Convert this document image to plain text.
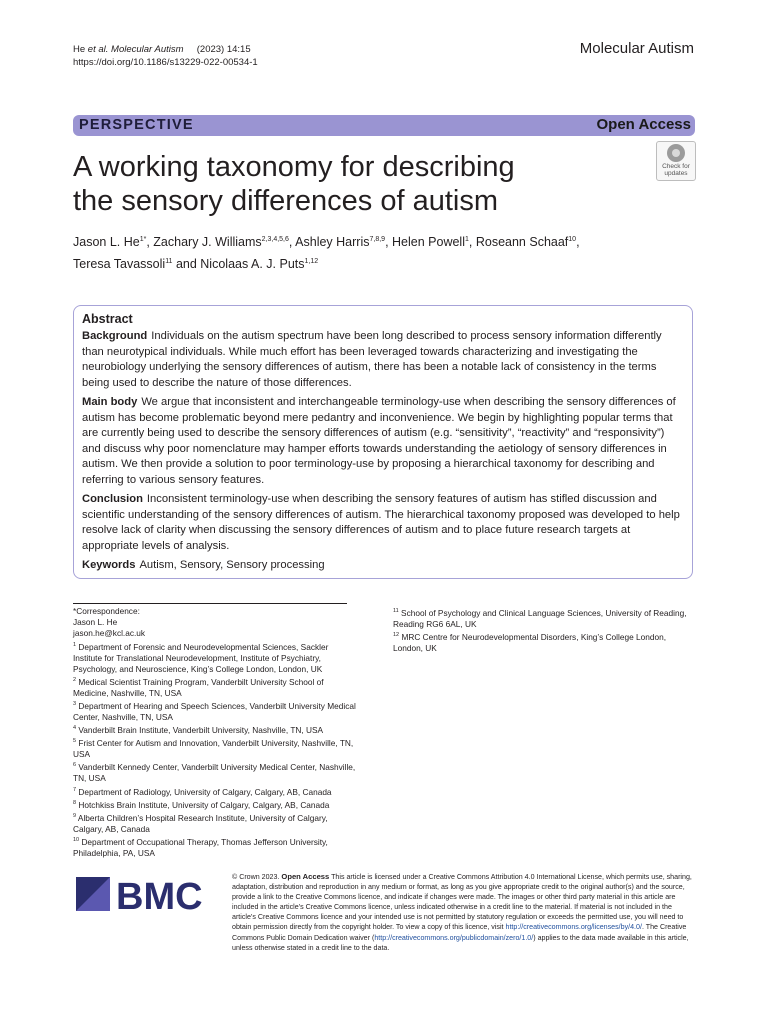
He et al. Molecular Autism (2023) 14:15
https://doi.org/10.1186/s13229-022-00534-1
Molecular Autism
PERSPECTIVE	Open Access
Check for
updates
A working taxonomy for describing
the sensory differences of autism
Jason L. $He^{1*}$, Zachary J. Williams$^{2,3,4,5,6}$, Ashley Harris$^{7,8,9}$, Helen Powell$^1$, Roseann Schaaf$^{10}$,
Teresa Tavassoli$^{11}$ and Nicolaas A. J. Puts$^{1,12}$
Abstract

Background Individuals on the autism spectrum have been long described to process sensory information differently than neurotypical individuals. While much effort has been leveraged towards characterizing and investigating the neurobiology underlying the sensory differences of autism, there has been a notable lack of consistency in the terms being used to describe the nature of those differences.

Main body We argue that inconsistent and interchangeable terminology-use when describing the sensory differences of autism has become problematic beyond mere pedantry and inconvenience. We begin by highlighting popular terms that are currently being used to describe the sensory differences of autism (e.g. “sensitivity”, “reactivity” and “responsivity”) and discuss why poor nomenclature may hamper efforts towards understanding the aetiology of sensory differences in autism. We then provide a solution to poor terminology-use by proposing a hierarchical taxonomy for describing and referring to various sensory features.

Conclusion Inconsistent terminology-use when describing the sensory features of autism has stifled discussion and scientific understanding of the sensory differences of autism. The hierarchical taxonomy proposed was developed to help resolve lack of clarity when discussing the sensory differences of autism and to place future research targets at appropriate levels of analysis.

Keywords Autism, Sensory, Sensory processing

*Correspondence:

Jason L. He

jason.he@kcl.ac.uk

$^1$ Department of Forensic and Neurodevelopmental Sciences, Sackler Institute for Translational Neurodevelopment, Institute of Psychiatry, Psychology, and Neuroscience, King’s College London, London, UK

$^2$ Medical Scientist Training Program, Vanderbilt University School of Medicine, Nashville, TN, USA

$^3$ Department of Hearing and Speech Sciences, Vanderbilt University Medical Center, Nashville, TN, USA

$^4$ Vanderbilt Brain Institute, Vanderbilt University, Nashville, TN, USA

$^5$ Frist Center for Autism and Innovation, Vanderbilt University, Nashville, TN, USA

$^6$ Vanderbilt Kennedy Center, Vanderbilt University Medical Center, Nashville, TN, USA

$^7$ Department of Radiology, University of Calgary, Calgary, AB, Canada

$^8$ Hotchkiss Brain Institute, University of Calgary, Calgary, AB, Canada

$^9$ Alberta Children’s Hospital Research Institute, University of Calgary, Calgary, AB, Canada

$^{10}$ Department of Occupational Therapy, Thomas Jefferson University, Philadelphia, PA, USA

$^{11}$ School of Psychology and Clinical Language Sciences, University of Reading, Reading RG6 6AL, UK

$^{12}$ MRC Centre for Neurodevelopmental Disorders, King’s College London, London, UK

BMC	© Crown 2023. Open Access This article is licensed under a Creative Commons Attribution 4.0 International License, which permits use, sharing, adaptation, distribution and reproduction in any medium or format, as long as you give appropriate credit to the original author(s) and the source, provide a link to the Creative Commons licence, and indicate if changes were made. The images or other third party material in this article are included in the article’s Creative Commons licence, unless indicated otherwise in a credit line to the material. If material is not included in the article’s Creative Commons licence and your intended use is not permitted by statutory regulation or exceeds the permitted use, you will need to obtain permission directly from the copyright holder. To view a copy of this licence, visit http://creativecommons.org/licenses/by/4.0/. The Creative Commons Public Domain Dedication waiver (http://creativecommons.org/publicdomain/zero/1.0/) applies to the data made available in this article, unless otherwise stated in a credit line to the data.
